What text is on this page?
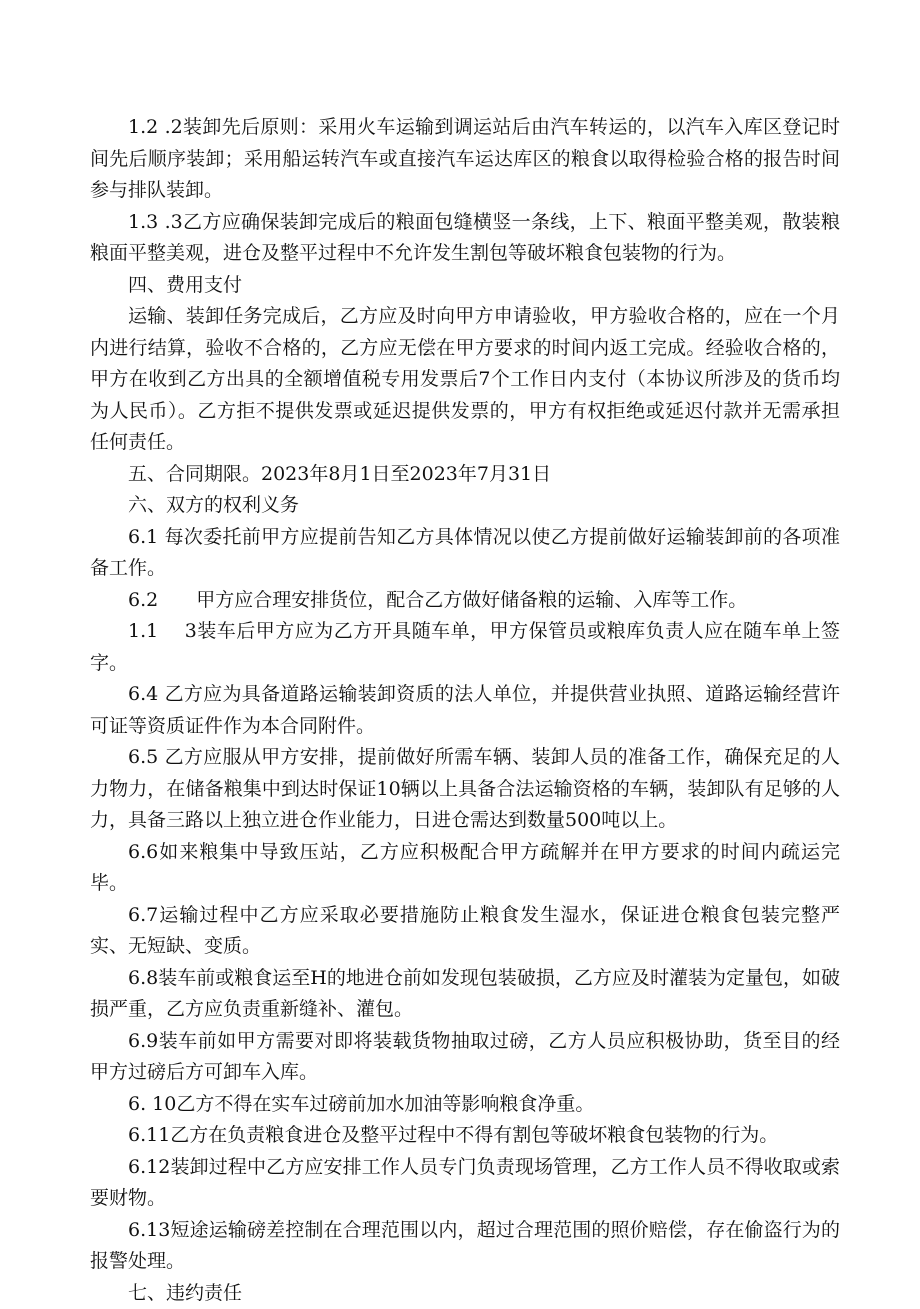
1.2 .2装卸先后原则：采用火车运输到调运站后由汽车转运的，以汽车入库区登记时间先后顺序装卸；采用船运转汽车或直接汽车运达库区的粮食以取得检验合格的报告时间参与排队装卸。

1.3 .3乙方应确保装卸完成后的粮面包缝横竖一条线，上下、粮面平整美观，散装粮粮面平整美观，进仓及整平过程中不允许发生割包等破坏粮食包装物的行为。

四、费用支付

运输、装卸任务完成后，乙方应及时向甲方申请验收，甲方验收合格的，应在一个月内进行结算，验收不合格的，乙方应无偿在甲方要求的时间内返工完成。经验收合格的，甲方在收到乙方出具的全额增值税专用发票后7个工作日内支付（本协议所涉及的货币均为人民币）。乙方拒不提供发票或延迟提供发票的，甲方有权拒绝或延迟付款并无需承担任何责任。

五、合同期限。2023年8月1日至2023年7月31日

六、双方的权利义务

6.1 每次委托前甲方应提前告知乙方具体情况以使乙方提前做好运输装卸前的各项准备工作。

6.2　　甲方应合理安排货位，配合乙方做好储备粮的运输、入库等工作。

1.1　 3装车后甲方应为乙方开具随车单，甲方保管员或粮库负责人应在随车单上签字。

6.4 乙方应为具备道路运输装卸资质的法人单位，并提供营业执照、道路运输经营许可证等资质证件作为本合同附件。

6.5 乙方应服从甲方安排，提前做好所需车辆、装卸人员的准备工作，确保充足的人力物力，在储备粮集中到达时保证10辆以上具备合法运输资格的车辆，装卸队有足够的人力，具备三路以上独立进仓作业能力，日进仓需达到数量500吨以上。

6.6如来粮集中导致压站，乙方应积极配合甲方疏解并在甲方要求的时间内疏运完毕。

6.7运输过程中乙方应采取必要措施防止粮食发生湿水，保证进仓粮食包装完整严实、无短缺、变质。

6.8装车前或粮食运至H的地进仓前如发现包装破损，乙方应及时灌装为定量包，如破损严重，乙方应负责重新缝补、灌包。

6.9装车前如甲方需要对即将装载货物抽取过磅，乙方人员应积极协助，货至目的经甲方过磅后方可卸车入库。

6. 10乙方不得在实车过磅前加水加油等影响粮食净重。

6.11乙方在负责粮食进仓及整平过程中不得有割包等破坏粮食包装物的行为。

6.12装卸过程中乙方应安排工作人员专门负责现场管理，乙方工作人员不得收取或索要财物。

6.13短途运输磅差控制在合理范围以内，超过合理范围的照价赔偿，存在偷盗行为的报警处理。

七、违约责任
